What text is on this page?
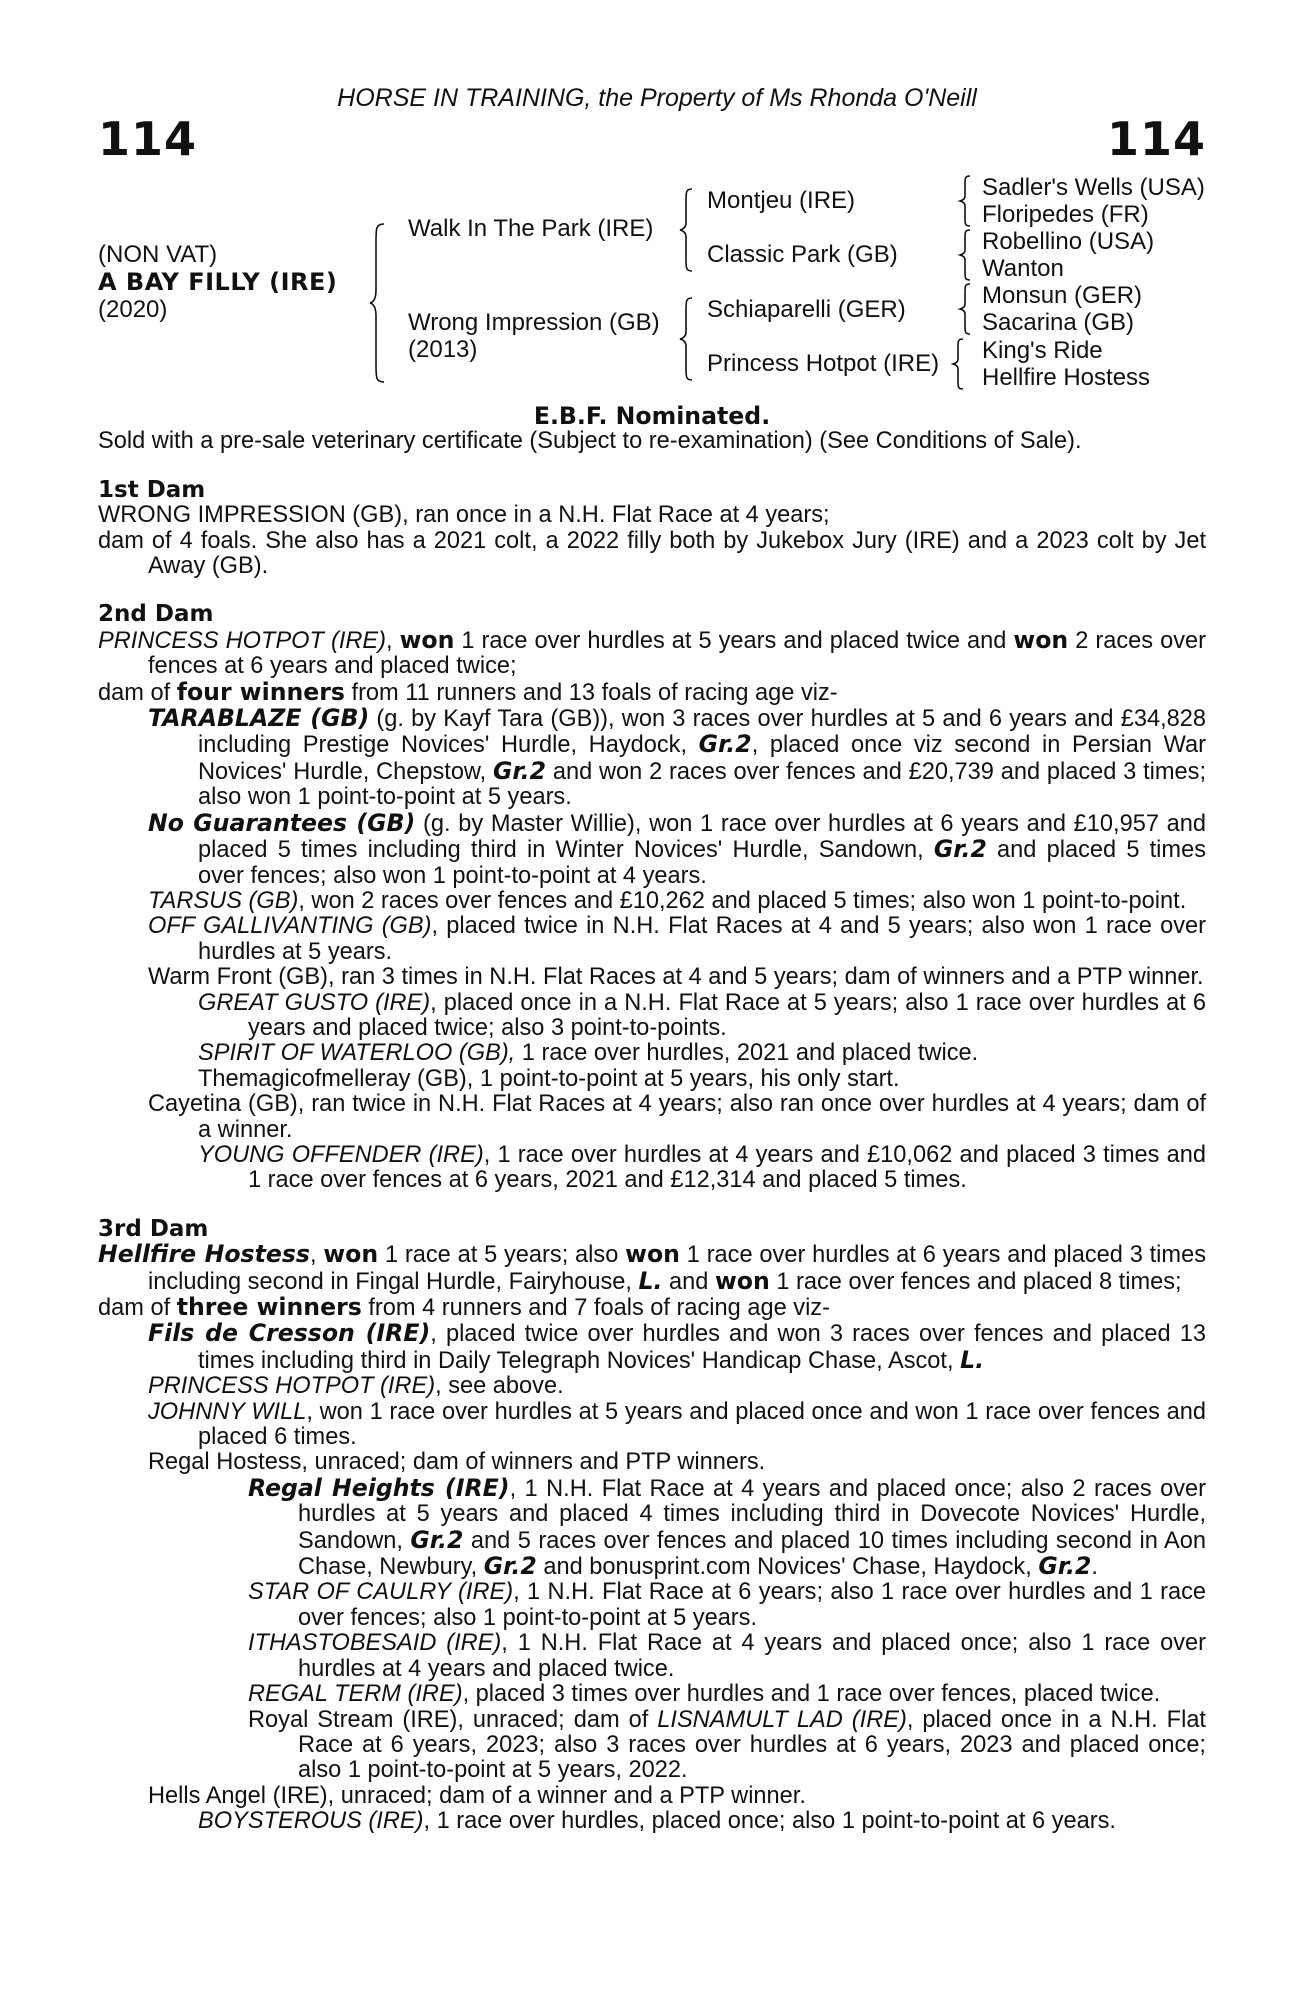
HORSE IN TRAINING, the Property of Ms Rhonda O'Neill
114	114
(NON VAT)
A BAY FILLY (IRE)
(2020)
Walk In The Park (IRE)
Wrong Impression (GB)
(2013)
Montjeu (IRE)
Classic Park (GB)
Schiaparelli (GER)
Princess Hotpot (IRE)
Sadler's Wells (USA)
Floripedes (FR)
Robellino (USA)
Wanton
Monsun (GER)
Sacarina (GB)
King's Ride
Hellfire Hostess
E.B.F. Nominated.
Sold with a pre-sale veterinary certificate (Subject to re-examination) (See Conditions of Sale).
1st Dam
WRONG IMPRESSION (GB), ran once in a N.H. Flat Race at 4 years;
dam of 4 foals. She also has a 2021 colt, a 2022 filly both by Jukebox Jury (IRE) and a 2023 colt by Jet Away (GB).
2nd Dam
PRINCESS HOTPOT (IRE), won 1 race over hurdles at 5 years and placed twice and won 2 races over fences at 6 years and placed twice;
dam of four winners from 11 runners and 13 foals of racing age viz-
TARABLAZE (GB) (g. by Kayf Tara (GB)), won 3 races over hurdles at 5 and 6 years and £34,828 including Prestige Novices' Hurdle, Haydock, Gr.2, placed once viz second in Persian War Novices' Hurdle, Chepstow, Gr.2 and won 2 races over fences and £20,739 and placed 3 times; also won 1 point-to-point at 5 years.
No Guarantees (GB) (g. by Master Willie), won 1 race over hurdles at 6 years and £10,957 and placed 5 times including third in Winter Novices' Hurdle, Sandown, Gr.2 and placed 5 times over fences; also won 1 point-to-point at 4 years.
TARSUS (GB), won 2 races over fences and £10,262 and placed 5 times; also won 1 point-to-point.
OFF GALLIVANTING (GB), placed twice in N.H. Flat Races at 4 and 5 years; also won 1 race over hurdles at 5 years.
Warm Front (GB), ran 3 times in N.H. Flat Races at 4 and 5 years; dam of winners and a PTP winner.
GREAT GUSTO (IRE), placed once in a N.H. Flat Race at 5 years; also 1 race over hurdles at 6 years and placed twice; also 3 point-to-points.
SPIRIT OF WATERLOO (GB), 1 race over hurdles, 2021 and placed twice.
Themagicofmelleray (GB), 1 point-to-point at 5 years, his only start.
Cayetina (GB), ran twice in N.H. Flat Races at 4 years; also ran once over hurdles at 4 years; dam of a winner.
YOUNG OFFENDER (IRE), 1 race over hurdles at 4 years and £10,062 and placed 3 times and 1 race over fences at 6 years, 2021 and £12,314 and placed 5 times.
3rd Dam
Hellfire Hostess, won 1 race at 5 years; also won 1 race over hurdles at 6 years and placed 3 times including second in Fingal Hurdle, Fairyhouse, L. and won 1 race over fences and placed 8 times;
dam of three winners from 4 runners and 7 foals of racing age viz-
Fils de Cresson (IRE), placed twice over hurdles and won 3 races over fences and placed 13 times including third in Daily Telegraph Novices' Handicap Chase, Ascot, L.
PRINCESS HOTPOT (IRE), see above.
JOHNNY WILL, won 1 race over hurdles at 5 years and placed once and won 1 race over fences and placed 6 times.
Regal Hostess, unraced; dam of winners and PTP winners.
Regal Heights (IRE), 1 N.H. Flat Race at 4 years and placed once; also 2 races over hurdles at 5 years and placed 4 times including third in Dovecote Novices' Hurdle, Sandown, Gr.2 and 5 races over fences and placed 10 times including second in Aon Chase, Newbury, Gr.2 and bonusprint.com Novices' Chase, Haydock, Gr.2.
STAR OF CAULRY (IRE), 1 N.H. Flat Race at 6 years; also 1 race over hurdles and 1 race over fences; also 1 point-to-point at 5 years.
ITHASTOBESAID (IRE), 1 N.H. Flat Race at 4 years and placed once; also 1 race over hurdles at 4 years and placed twice.
REGAL TERM (IRE), placed 3 times over hurdles and 1 race over fences, placed twice.
Royal Stream (IRE), unraced; dam of LISNAMULT LAD (IRE), placed once in a N.H. Flat Race at 6 years, 2023; also 3 races over hurdles at 6 years, 2023 and placed once; also 1 point-to-point at 5 years, 2022.
Hells Angel (IRE), unraced; dam of a winner and a PTP winner.
BOYSTEROUS (IRE), 1 race over hurdles, placed once; also 1 point-to-point at 6 years.
